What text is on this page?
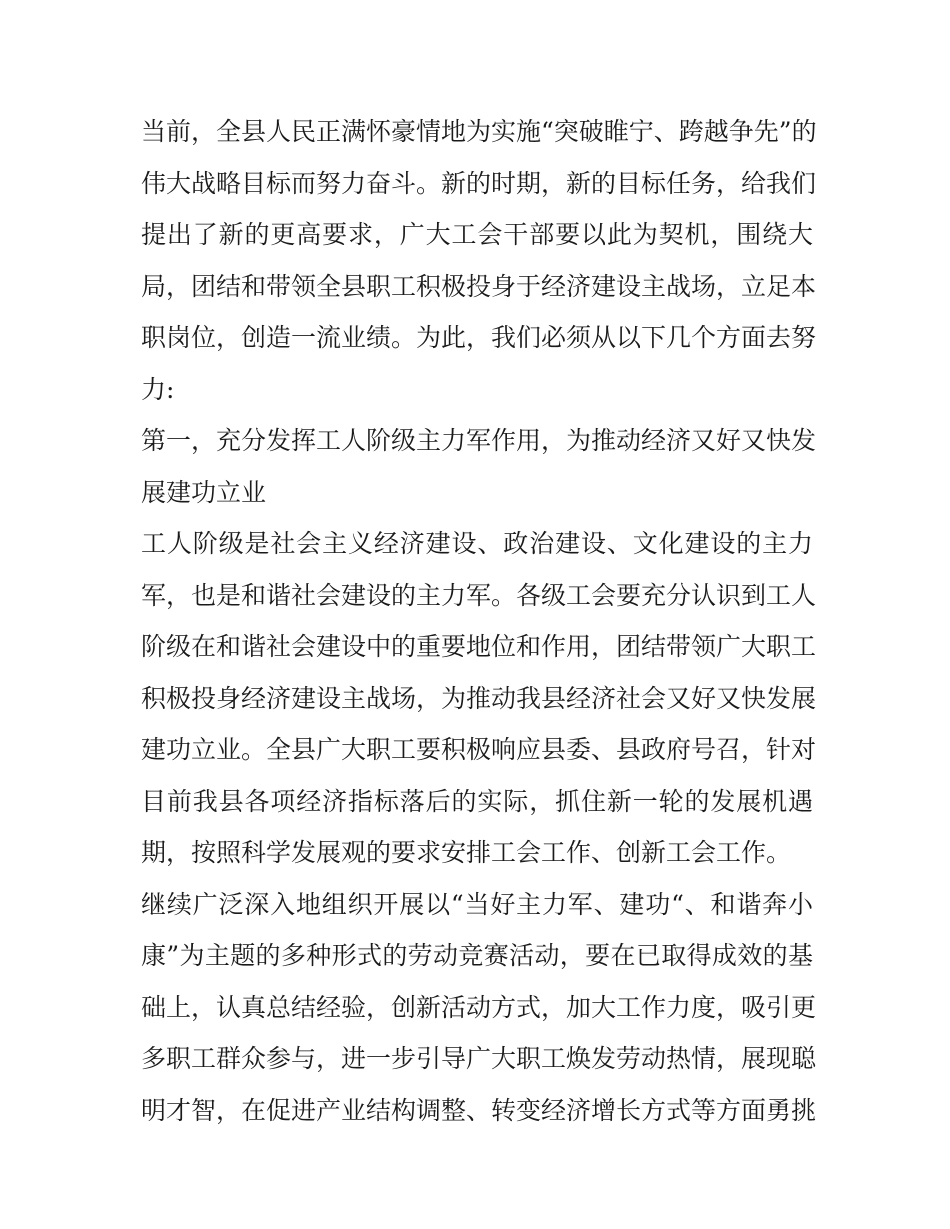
当前，全县人民正满怀豪情地为实施“突破睢宁、跨越争先”的
伟大战略目标而努力奋斗。新的时期，新的目标任务，给我们
提出了新的更高要求，广大工会干部要以此为契机，围绕大
局，团结和带领全县职工积极投身于经济建设主战场，立足本
职岗位，创造一流业绩。为此，我们必须从以下几个方面去努
力:
第一，充分发挥工人阶级主力军作用，为推动经济又好又快发
展建功立业
工人阶级是社会主义经济建设、政治建设、文化建设的主力
军，也是和谐社会建设的主力军。各级工会要充分认识到工人
阶级在和谐社会建设中的重要地位和作用，团结带领广大职工
积极投身经济建设主战场，为推动我县经济社会又好又快发展
建功立业。全县广大职工要积极响应县委、县政府号召，针对
目前我县各项经济指标落后的实际，抓住新一轮的发展机遇
期，按照科学发展观的要求安排工会工作、创新工会工作。
继续广泛深入地组织开展以“当好主力军、建功“、和谐奔小
康”为主题的多种形式的劳动竞赛活动，要在已取得成效的基
础上，认真总结经验，创新活动方式，加大工作力度，吸引更
多职工群众参与，进一步引导广大职工焕发劳动热情，展现聪
明才智，在促进产业结构调整、转变经济增长方式等方面勇挑
